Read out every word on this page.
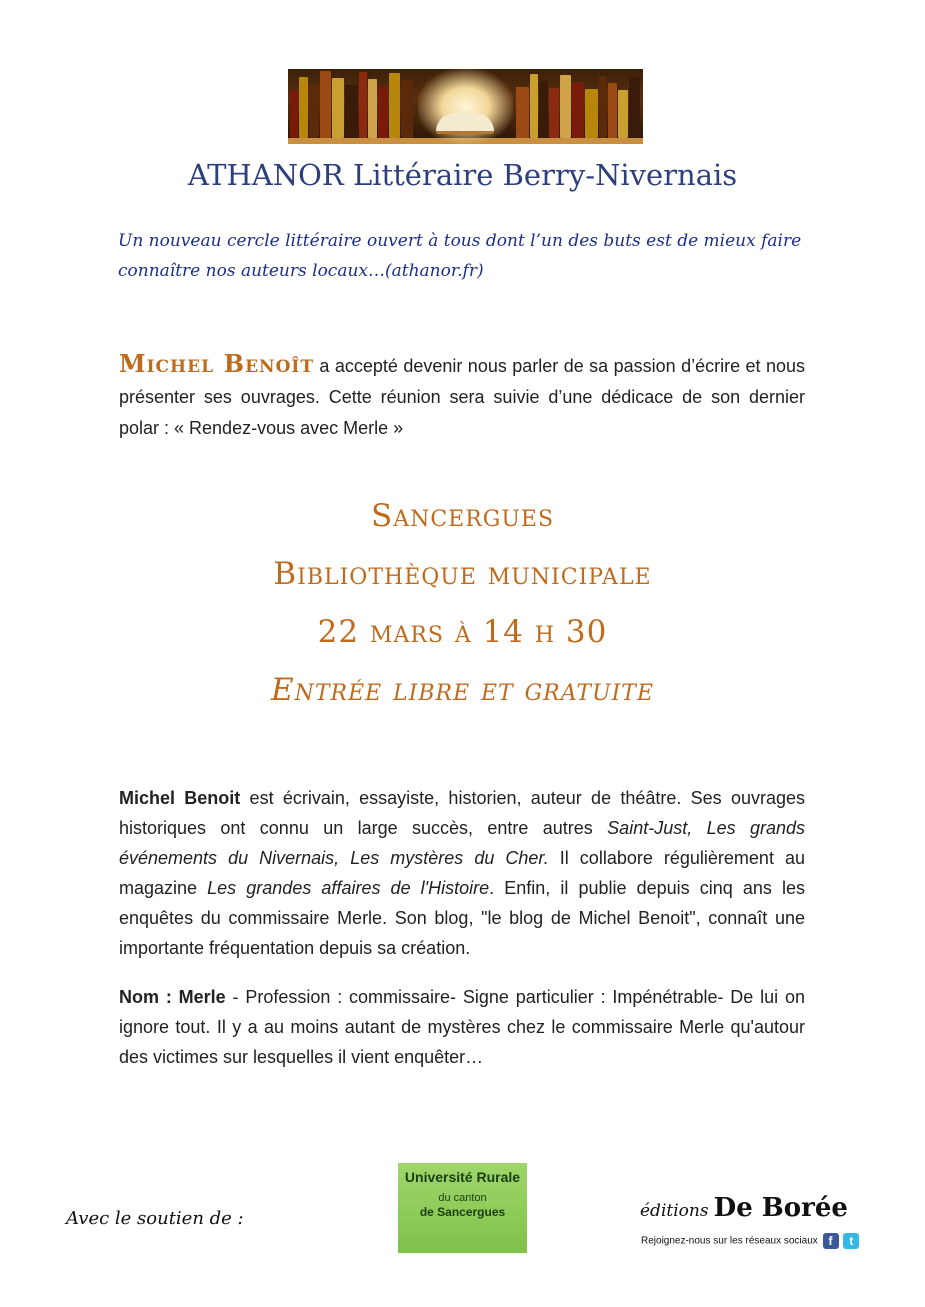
ATHANOR Littéraire Berry-Nivernais
Un nouveau cercle littéraire ouvert à tous dont l’un des buts est de mieux faire connaître nos auteurs locaux…(athanor.fr)
Michel Benoît a accepté devenir nous parler de sa passion d’écrire et nous présenter ses ouvrages. Cette réunion sera suivie d’une dédicace de son dernier polar : « Rendez-vous avec Merle »
Sancergues
Bibliothèque municipale
22 mars à 14 h 30
Entrée libre et gratuite
Michel Benoit est écrivain, essayiste, historien, auteur de théâtre. Ses ouvrages historiques ont connu un large succès, entre autres Saint-Just, Les grands événements du Nivernais, Les mystères du Cher. Il collabore régulièrement au magazine Les grandes affaires de l'Histoire. Enfin, il publie depuis cinq ans les enquêtes du commissaire Merle. Son blog, "le blog de Michel Benoit", connaît une importante fréquentation depuis sa création.
Nom : Merle - Profession : commissaire- Signe particulier : Impénétrable- De lui on ignore tout. Il y a au moins autant de mystères chez le commissaire Merle qu'autour des victimes sur lesquelles il vient enquêter…
Avec le soutien de :
Université Rurale
du canton
de Sancergues	éditions De Borée
Rejoignez-nous sur les réseaux sociaux f t
